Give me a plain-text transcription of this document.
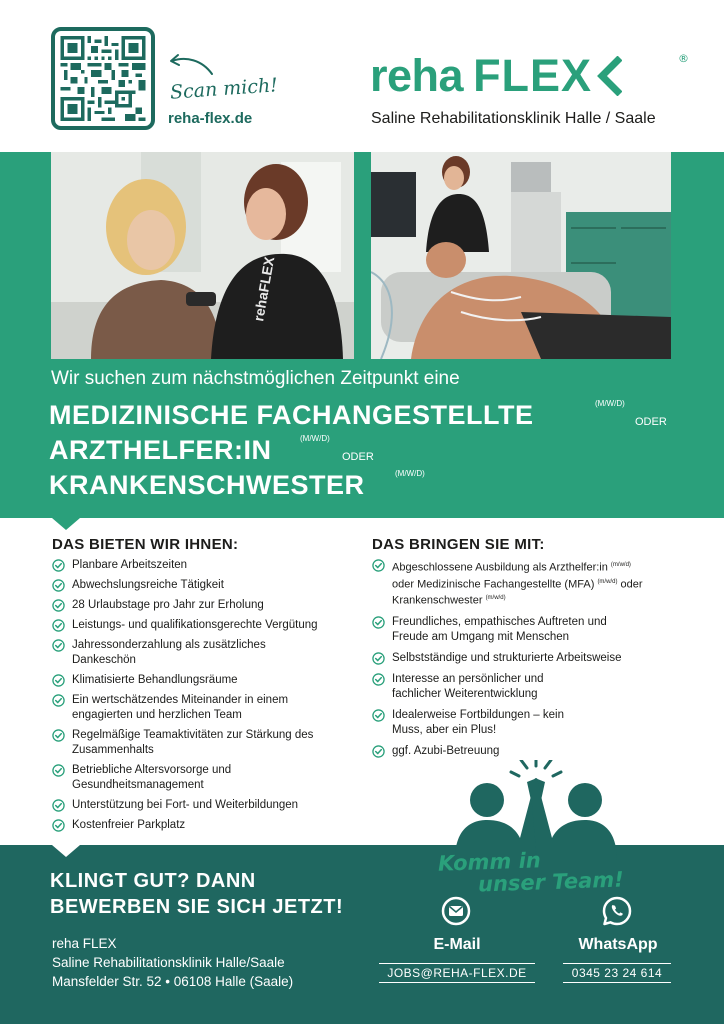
Scan mich!
reha-flex.de
reha FLEX	®
Saline Rehabilitationsklinik Halle / Saale
rehaFLEX
Wir suchen zum nächstmöglichen Zeitpunkt eine
MEDIZINISCHE FACHANGESTELLTE	(M/W/D)
ODER
ARZTHELFER:IN	(M/W/D)
ODER
KRANKENSCHWESTER	(M/W/D)
DAS BIETEN WIR IHNEN:
Planbare Arbeitszeiten
Abwechslungsreiche Tätigkeit
28 Urlaubstage pro Jahr zur Erholung
Leistungs- und qualifikationsgerechte Vergütung
Jahressonderzahlung als zusätzliches Dankeschön
Klimatisierte Behandlungsräume
Ein wertschätzendes Miteinander in einem engagierten und herzlichen Team
Regelmäßige Teamaktivitäten zur Stärkung des Zusammenhalts
Betriebliche Altersvorsorge und Gesundheitsmanagement
Unterstützung bei Fort- und Weiterbildungen
Kostenfreier Parkplatz
DAS BRINGEN SIE MIT:
Abgeschlossene Ausbildung als Arzthelfer:in $^{(m/w/d)}$
oder Medizinische Fachangestellte (MFA) $^{(m/w/d)}$ oder
Krankenschwester $^{(m/w/d)}$
Freundliches, empathisches Auftreten und Freude am Umgang mit Menschen
Selbstständige und strukturierte Arbeitsweise
Interesse an persönlicher und fachlicher Weiterentwicklung
Idealerweise Fortbildungen – kein Muss, aber ein Plus!
ggf. Azubi-Betreuung
KLINGT GUT? DANN
BEWERBEN SIE SICH JETZT!
reha FLEX
Saline Rehabilitationsklinik Halle/Saale
Mansfelder Str. 52 • 06108 Halle (Saale)
Komm in
unser Team!
E-Mail
JOBS@REHA-FLEX.DE
WhatsApp
0345 23 24 614
